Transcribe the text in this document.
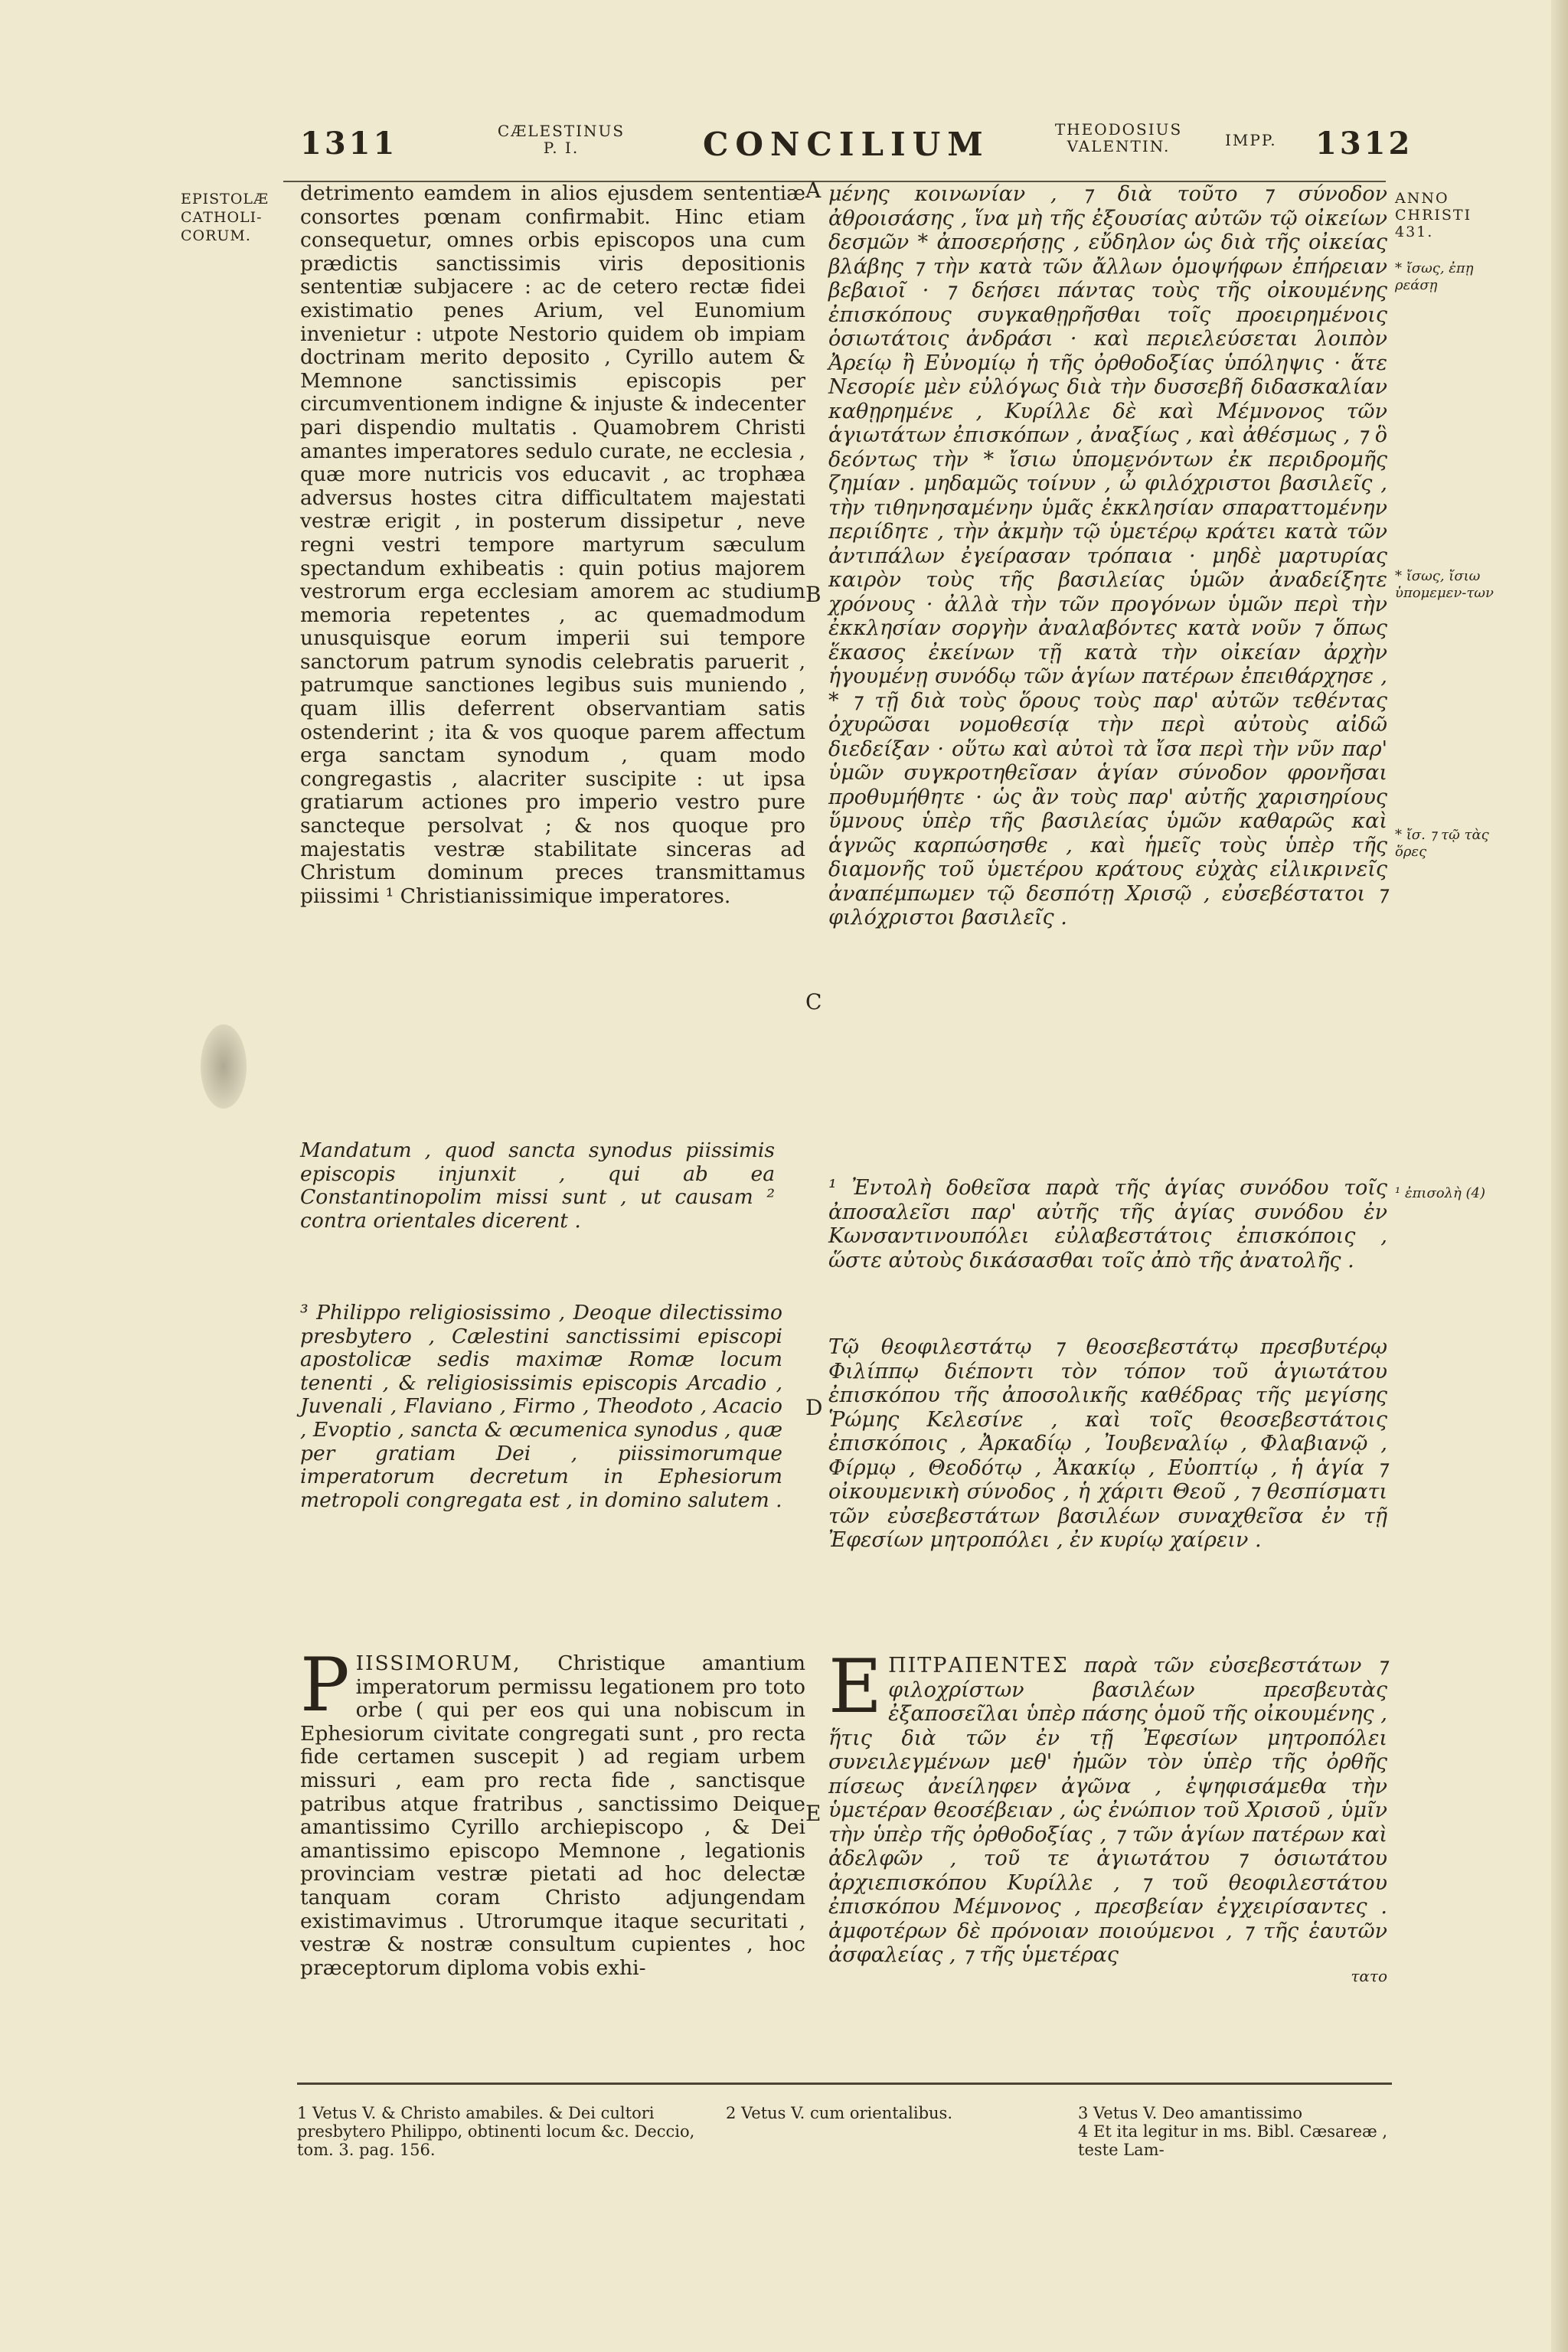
1311	CÆLESTINUS
P. I.	CONCILIUM	THEODOSIUS
VALENTIN.	IMPP. 1312
EPISTOLÆ CATHOLI-CORUM.
ANNO CHRISTI
431.
* ἴσως, ἐπῃ ρεάσῃ
* ἴσως, ἴσιω ὑπομεμεν-των
* ἴσ. ⁊ τῷ τὰς ὅρες
¹ ἐπισολὴ (4)
A
B
C
D
E

detrimento eamdem in alios ejusdem sententiæ consortes pœnam confirmabit. Hinc etiam consequetur, omnes orbis episcopos una cum prædictis sanctissimis viris depositionis sententiæ subjacere : ac de cetero rectæ fidei existimatio penes Arium, vel Eunomium invenietur : utpote Nestorio quidem ob impiam doctrinam merito deposito , Cyrillo autem & Memnone sanctissimis episcopis per circumventionem indigne & injuste & indecenter pari dispendio multatis . Quamobrem Christi amantes imperatores sedulo curate, ne ecclesia , quæ more nutricis vos educavit , ac trophæa adversus hostes citra difficultatem majestati vestræ erigit , in posterum dissipetur , neve regni vestri tempore martyrum sæculum spectandum exhibeatis : quin potius majorem vestrorum erga ecclesiam amorem ac studium memoria repetentes , ac quemadmodum unusquisque eorum imperii sui tempore sanctorum patrum synodis celebratis paruerit , patrumque sanctiones legibus suis muniendo , quam illis deferrent observantiam satis ostenderint ; ita & vos quoque parem affectum erga sanctam synodum , quam modo congregastis , alacriter suscipite : ut ipsa gratiarum actiones pro imperio vestro pure sancteque persolvat ; & nos quoque pro majestatis vestræ stabilitate sinceras ad Christum dominum preces transmittamus piissimi ¹ Christianissimique imperatores.

Mandatum , quod sancta synodus piissimis episcopis injunxit , qui ab ea Constantinopolim missi sunt , ut causam ² contra orientales dicerent .

³ Philippo religiosissimo , Deoque dilectissimo presbytero , Cælestini sanctissimi episcopi apostolicæ sedis maximæ Romæ locum tenenti , & religiosissimis episcopis Arcadio , Juvenali , Flaviano , Firmo , Theodoto , Acacio , Evoptio , sancta & œcumenica synodus , quæ per gratiam Dei , piissimorumque imperatorum decretum in Ephesiorum metropoli congregata est , in domino salutem .

PIISSIMORUM, Christique amantium imperatorum permissu legationem pro toto orbe ( qui per eos qui una nobiscum in Ephesiorum civitate congregati sunt , pro recta fide certamen suscepit ) ad regiam urbem missuri , eam pro recta fide , sanctisque patribus atque fratribus , sanctissimo Deique amantissimo Cyrillo archiepiscopo , & Dei amantissimo episcopo Memnone , legationis provinciam vestræ pietati ad hoc delectæ tanquam coram Christo adjungendam existimavimus . Utrorumque itaque securitati , vestræ & nostræ consultum cupientes , hoc præceptorum diploma vobis exhi-

μένης κοινωνίαν , ⁊ διὰ τοῦτο ⁊ σύνοδον ἀθροισάσης , ἵνα μὴ τῆς ἐξουσίας αὐτῶν τῷ οἰκείων δεσμῶν * ἀποσερήσῃς , εὔδηλον ὡς διὰ τῆς οἰκείας βλάβης ⁊ τὴν κατὰ τῶν ἄλλων ὁμοψήφων ἐπήρειαν βεβαιοῖ · ⁊ δεήσει πάντας τοὺς τῆς οἰκουμένης ἐπισκόπους συγκαθῃρῆσθαι τοῖς προειρημένοις ὁσιωτάτοις ἀνδράσι · καὶ περιελεύσεται λοιπὸν Ἀρείῳ ἢ Εὐνομίῳ ἡ τῆς ὀρθοδοξίας ὑπόληψις · ἅτε Νεσορίε μὲν εὐλόγως διὰ τὴν δυσσεβῆ διδασκαλίαν καθῃρημένε , Κυρίλλε δὲ καὶ Μέμνονος τῶν ἁγιωτάτων ἐπισκόπων , ἀναξίως , καὶ ἀθέσμως , ⁊ ὃ δεόντως τὴν * ἴσιω ὑπομενόντων ἐκ περιδρομῆς ζημίαν . μηδαμῶς τοίνυν , ὦ φιλόχριστοι βασιλεῖς , τὴν τιθηνησαμένην ὑμᾶς ἐκκλησίαν σπαραττομένην περιίδητε , τὴν ἀκμὴν τῷ ὑμετέρῳ κράτει κατὰ τῶν ἀντιπάλων ἐγείρασαν τρόπαια · μηδὲ μαρτυρίας καιρὸν τοὺς τῆς βασιλείας ὑμῶν ἀναδείξητε χρόνους · ἀλλὰ τὴν τῶν προγόνων ὑμῶν περὶ τὴν ἐκκλησίαν σοργὴν ἀναλαβόντες κατὰ νοῦν ⁊ ὅπως ἕκασος ἐκείνων τῇ κατὰ τὴν οἰκείαν ἀρχὴν ἡγουμένῃ συνόδῳ τῶν ἁγίων πατέρων ἐπειθάρχησε , * ⁊ τῇ διὰ τοὺς ὅρους τοὺς παρ' αὐτῶν τεθέντας ὀχυρῶσαι νομοθεσίᾳ τὴν περὶ αὐτοὺς αἰδῶ διεδείξαν · οὕτω καὶ αὐτοὶ τὰ ἴσα περὶ τὴν νῦν παρ' ὑμῶν συγκροτηθεῖσαν ἁγίαν σύνοδον φρονῆσαι προθυμήθητε · ὡς ἂν τοὺς παρ' αὐτῆς χαρισηρίους ὕμνους ὑπὲρ τῆς βασιλείας ὑμῶν καθαρῶς καὶ ἁγνῶς καρπώσησθε , καὶ ἡμεῖς τοὺς ὑπὲρ τῆς διαμονῆς τοῦ ὑμετέρου κράτους εὐχὰς εἰλικρινεῖς ἀναπέμπωμεν τῷ δεσπότῃ Χρισῷ , εὐσεβέστατοι ⁊ φιλόχριστοι βασιλεῖς .

¹ Ἐντολὴ δοθεῖσα παρὰ τῆς ἁγίας συνόδου τοῖς ἀποσαλεῖσι παρ' αὐτῆς τῆς ἁγίας συνόδου ἐν Κωνσαντινουπόλει εὐλαβεστάτοις ἐπισκόποις , ὥστε αὐτοὺς δικάσασθαι τοῖς ἀπὸ τῆς ἀνατολῆς .

Τῷ θεοφιλεστάτῳ ⁊ θεοσεβεστάτῳ πρεσβυτέρῳ Φιλίππῳ διέποντι τὸν τόπον τοῦ ἁγιωτάτου ἐπισκόπου τῆς ἀποσολικῆς καθέδρας τῆς μεγίσης Ῥώμης Κελεσίνε , καὶ τοῖς θεοσεβεστάτοις ἐπισκόποις , Ἀρκαδίῳ , Ἰουβεναλίῳ , Φλαβιανῷ , Φίρμῳ , Θεοδότῳ , Ἀκακίῳ , Εὐοπτίῳ , ἡ ἁγία ⁊ οἰκουμενικὴ σύνοδος , ἡ χάριτι Θεοῦ , ⁊ θεσπίσματι τῶν εὐσεβεστάτων βασιλέων συναχθεῖσα ἐν τῇ Ἐφεσίων μητροπόλει , ἐν κυρίῳ χαίρειν .

ΕΠΙΤΡΑΠΕΝΤΕΣ παρὰ τῶν εὐσεβεστάτων ⁊ φιλοχρίστων βασιλέων πρεσβευτὰς ἐξαποσεῖλαι ὑπὲρ πάσης ὁμοῦ τῆς οἰκουμένης , ἥτις διὰ τῶν ἐν τῇ Ἐφεσίων μητροπόλει συνειλεγμένων μεθ' ἡμῶν τὸν ὑπὲρ τῆς ὀρθῆς πίσεως ἀνείληφεν ἀγῶνα , ἐψηφισάμεθα τὴν ὑμετέραν θεοσέβειαν , ὡς ἐνώπιον τοῦ Χρισοῦ , ὑμῖν τὴν ὑπὲρ τῆς ὀρθοδοξίας , ⁊ τῶν ἁγίων πατέρων καὶ ἀδελφῶν , τοῦ τε ἁγιωτάτου ⁊ ὁσιωτάτου ἀρχιεπισκόπου Κυρίλλε , ⁊ τοῦ θεοφιλεστάτου ἐπισκόπου Μέμνονος , πρεσβείαν ἐγχειρίσαντες . ἀμφοτέρων δὲ πρόνοιαν ποιούμενοι , ⁊ τῆς ἑαυτῶν ἀσφαλείας , ⁊ τῆς ὑμετέρας
τατο
1 Vetus V. & Christo amabiles. & Dei cultori presbytero Philippo, obtinenti locum &c. Deccio, tom. 3. pag. 156.
2 Vetus V. cum orientalibus.	3 Vetus V. Deo amantissimo
4 Et ita legitur in ms. Bibl. Cæsareæ , teste Lam-
